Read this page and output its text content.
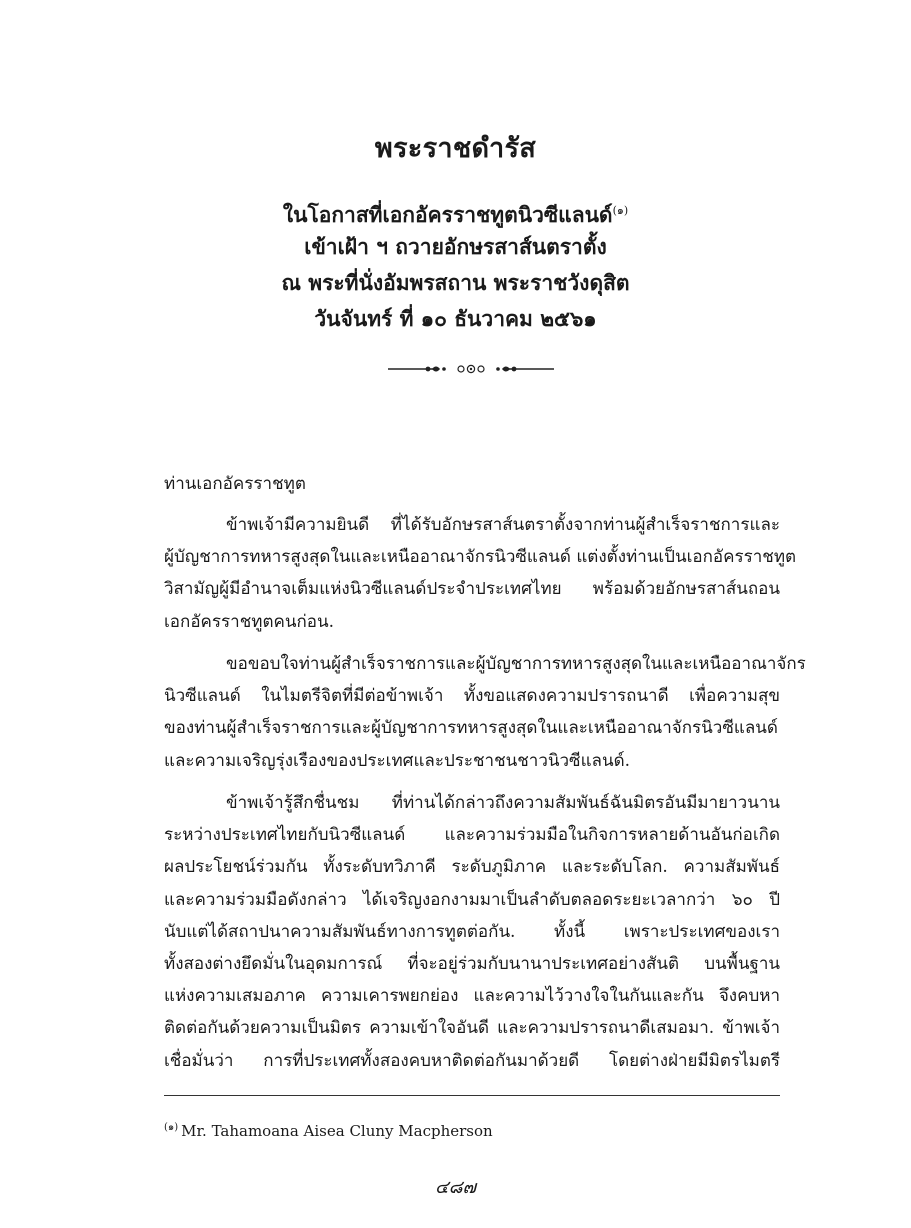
พระราชดำรัส
ในโอกาสที่เอกอัครราชทูตนิวซีแลนด์$^{(๑)}$
เข้าเฝ้า ฯ ถวายอักษรสาส์นตราตั้ง
ณ พระที่นั่งอัมพรสถาน พระราชวังดุสิต
วันจันทร์ ที่ ๑๐ ธันวาคม ๒๕๖๑
ท่านเอกอัครราชทูต
ข้าพเจ้ามีความยินดี ที่ได้รับอักษรสาส์นตราตั้งจากท่านผู้สำเร็จราชการและ
ผู้บัญชาการทหารสูงสุดในและเหนืออาณาจักรนิวซีแลนด์ แต่งตั้งท่านเป็นเอกอัครราชทูต
วิสามัญผู้มีอำนาจเต็มแห่งนิวซีแลนด์ประจำประเทศไทย พร้อมด้วยอักษรสาส์นถอน
เอกอัครราชทูตคนก่อน.
ขอขอบใจท่านผู้สำเร็จราชการและผู้บัญชาการทหารสูงสุดในและเหนืออาณาจักร
นิวซีแลนด์ ในไมตรีจิตที่มีต่อข้าพเจ้า ทั้งขอแสดงความปรารถนาดี เพื่อความสุข
ของท่านผู้สำเร็จราชการและผู้บัญชาการทหารสูงสุดในและเหนืออาณาจักรนิวซีแลนด์
และความเจริญรุ่งเรืองของประเทศและประชาชนชาวนิวซีแลนด์.
ข้าพเจ้ารู้สึกชื่นชม ที่ท่านได้กล่าวถึงความสัมพันธ์ฉันมิตรอันมีมายาวนาน
ระหว่างประเทศไทยกับนิวซีแลนด์ และความร่วมมือในกิจการหลายด้านอันก่อเกิด
ผลประโยชน์ร่วมกัน ทั้งระดับทวิภาคี ระดับภูมิภาค และระดับโลก. ความสัมพันธ์
และความร่วมมือดังกล่าว ได้เจริญงอกงามมาเป็นลำดับตลอดระยะเวลากว่า ๖๐ ปี
นับแต่ได้สถาปนาความสัมพันธ์ทางการทูตต่อกัน. ทั้งนี้ เพราะประเทศของเรา
ทั้งสองต่างยึดมั่นในอุดมการณ์ ที่จะอยู่ร่วมกับนานาประเทศอย่างสันติ บนพื้นฐาน
แห่งความเสมอภาค ความเคารพยกย่อง และความไว้วางใจในกันและกัน จึงคบหา
ติดต่อกันด้วยความเป็นมิตร ความเข้าใจอันดี และความปรารถนาดีเสมอมา. ข้าพเจ้า
เชื่อมั่นว่า การที่ประเทศทั้งสองคบหาติดต่อกันมาด้วยดี โดยต่างฝ่ายมีมิตรไมตรี
$^{(๑)}$ Mr. Tahamoana Aisea Cluny Macpherson
๔๘๗
